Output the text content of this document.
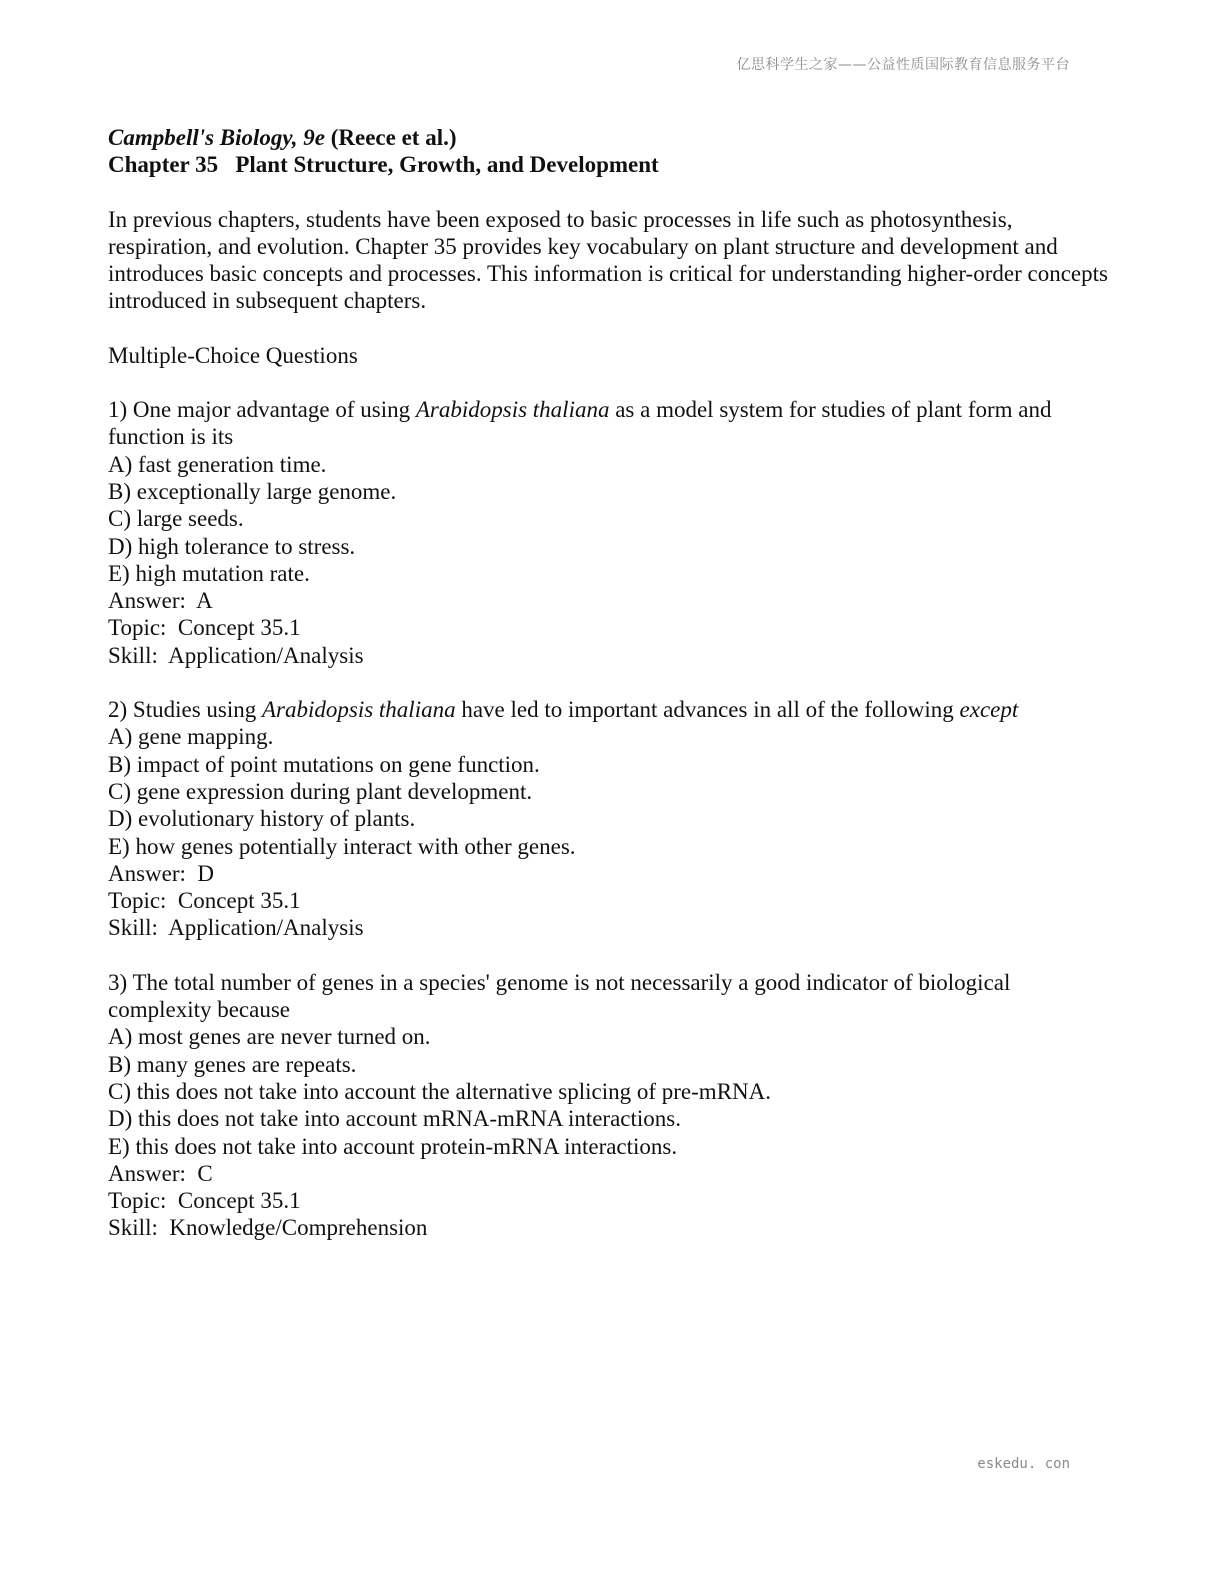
亿思科学生之家——公益性质国际教育信息服务平台

Campbell's Biology, 9e (Reece et al.)

Chapter 35   Plant Structure, Growth, and Development

In previous chapters, students have been exposed to basic processes in life such as photosynthesis, respiration, and evolution. Chapter 35 provides key vocabulary on plant structure and development and introduces basic concepts and processes. This information is critical for understanding higher-order concepts introduced in subsequent chapters.

Multiple-Choice Questions

1) One major advantage of using Arabidopsis thaliana as a model system for studies of plant form and function is its

A) fast generation time.

B) exceptionally large genome.

C) large seeds.

D) high tolerance to stress.

E) high mutation rate.

Answer:  A

Topic:  Concept 35.1

Skill:  Application/Analysis

2) Studies using Arabidopsis thaliana have led to important advances in all of the following except

A) gene mapping.

B) impact of point mutations on gene function.

C) gene expression during plant development.

D) evolutionary history of plants.

E) how genes potentially interact with other genes.

Answer:  D

Topic:  Concept 35.1

Skill:  Application/Analysis

3) The total number of genes in a species' genome is not necessarily a good indicator of biological complexity because

A) most genes are never turned on.

B) many genes are repeats.

C) this does not take into account the alternative splicing of pre-mRNA.

D) this does not take into account mRNA-mRNA interactions.

E) this does not take into account protein-mRNA interactions.

Answer:  C

Topic:  Concept 35.1

Skill:  Knowledge/Comprehension

eskedu. con
